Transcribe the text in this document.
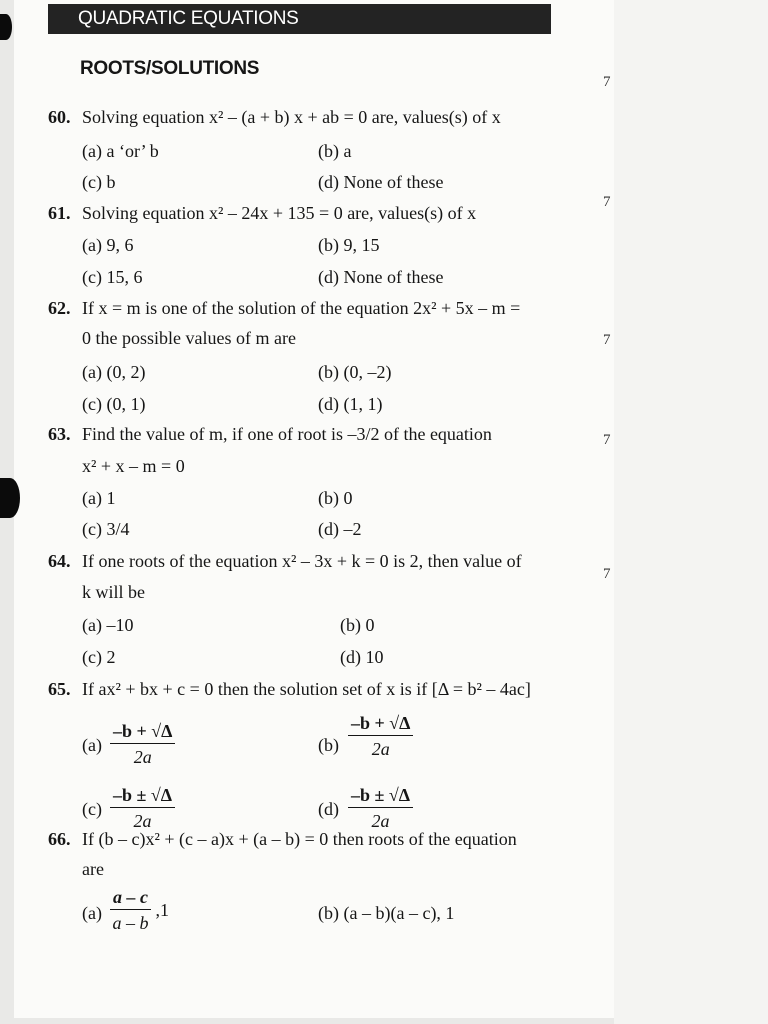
QUADRATIC EQUATIONS
ROOTS/SOLUTIONS
7
7
7
7
7
60. Solving equation x² – (a + b) x + ab = 0 are, values(s) of x
(a) a ‘or’ b	(b) a
(c) b	(d) None of these
61. Solving equation x² – 24x + 135 = 0 are, values(s) of x
(a) 9, 6	(b) 9, 15
(c) 15, 6	(d) None of these
62. If x = m is one of the solution of the equation 2x² + 5x – m =
0 the possible values of m are
(a) (0, 2)	(b) (0, –2)
(c) (0, 1)	(d) (1, 1)
63. Find the value of m, if one of root is –3/2 of the equation
x² + x – m = 0
(a) 1	(b) 0
(c) 3/4	(d) –2
64. If one roots of the equation x² – 3x + k = 0 is 2, then value of
k will be
(a) –10	(b) 0
(c) 2	(d) 10
65. If ax² + bx + c = 0 then the solution set of x is if [Δ = b² – 4ac]
$(a) \frac{-b + √\Delta}{2a}$	$(b) \frac{-b + √\Delta}{2a}$
$(c) \frac{-b \pm √\Delta}{2a}$	$(d) \frac{-b \pm √\Delta}{2a}$
66. If (b – c)x² + (c – a)x + (a – b) = 0 then roots of the equation
are
$(a) \frac{a - c}{a - b} ,1$	(b) (a – b)(a – c), 1
